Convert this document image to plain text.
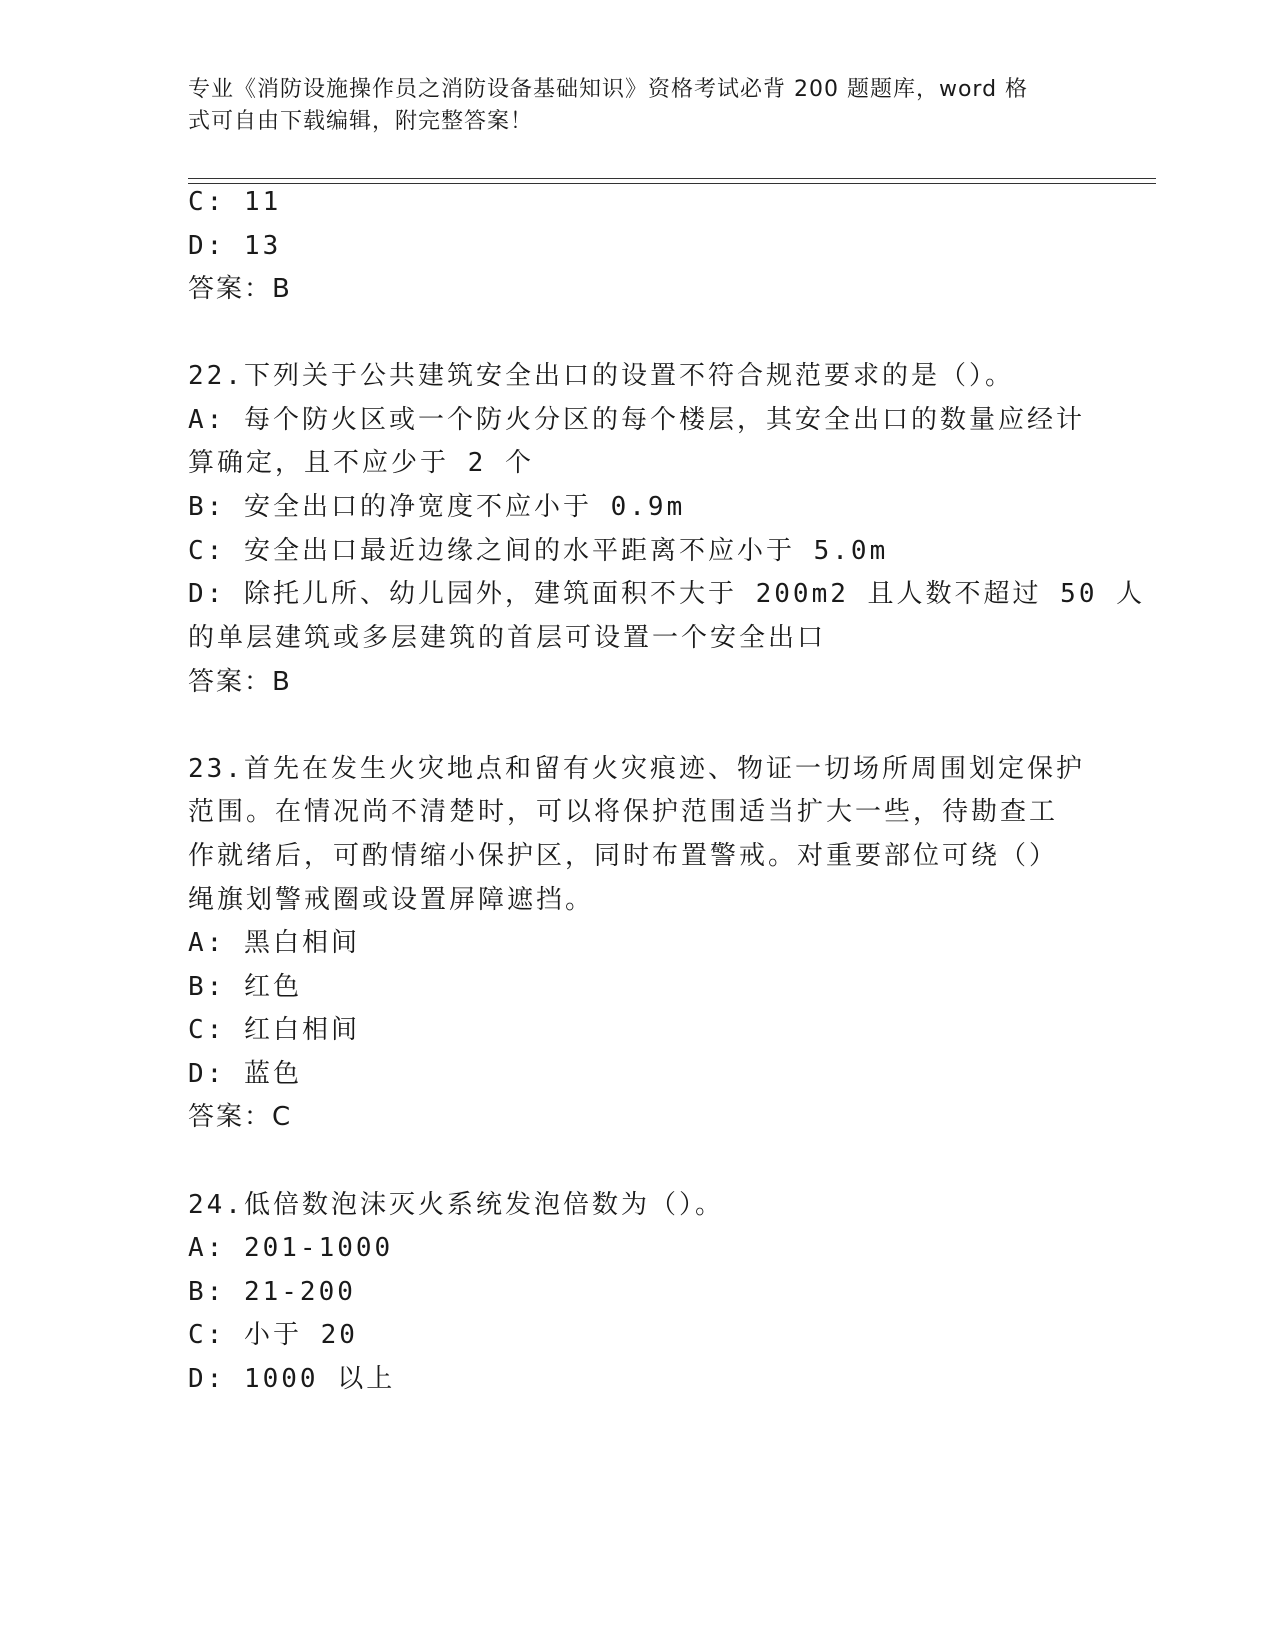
专业《消防设施操作员之消防设备基础知识》资格考试必背 200 题题库，word 格
式可自由下载编辑，附完整答案！
C: 11
D: 13
答案：B
22.下列关于公共建筑安全出口的设置不符合规范要求的是（）。
A: 每个防火区或一个防火分区的每个楼层，其安全出口的数量应经计
算确定，且不应少于 2 个
B: 安全出口的净宽度不应小于 0.9m
C: 安全出口最近边缘之间的水平距离不应小于 5.0m
D: 除托儿所、幼儿园外，建筑面积不大于 200m2 且人数不超过 50 人
的单层建筑或多层建筑的首层可设置一个安全出口
答案：B
23.首先在发生火灾地点和留有火灾痕迹、物证一切场所周围划定保护
范围。在情况尚不清楚时，可以将保护范围适当扩大一些，待勘查工
作就绪后，可酌情缩小保护区，同时布置警戒。对重要部位可绕（）
绳旗划警戒圈或设置屏障遮挡。
A: 黑白相间
B: 红色
C: 红白相间
D: 蓝色
答案：C
24.低倍数泡沫灭火系统发泡倍数为（）。
A: 201-1000
B: 21-200
C: 小于 20
D: 1000 以上
